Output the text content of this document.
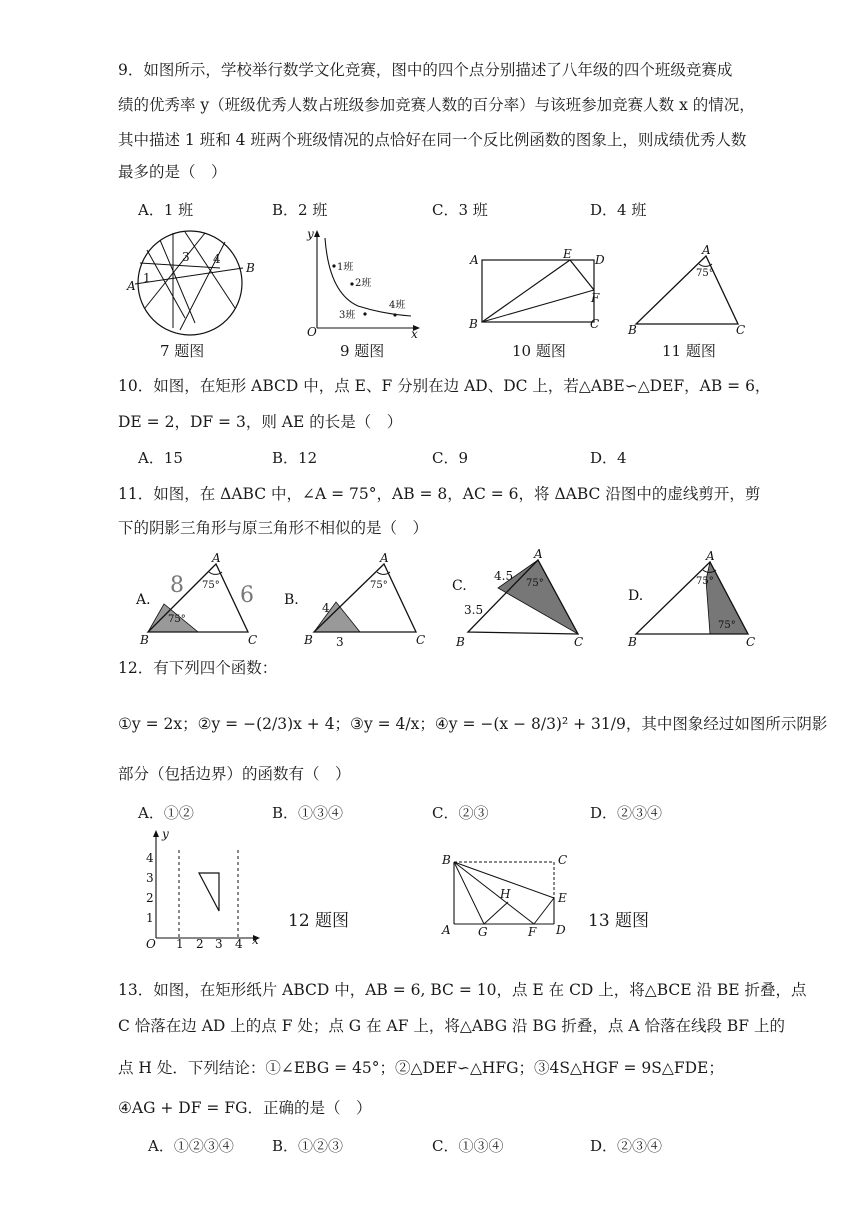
9．如图所示，学校举行数学文化竞赛，图中的四个点分别描述了八年级的四个班级竞赛成
绩的优秀率 y（班级优秀人数占班级参加竞赛人数的百分率）与该班参加竞赛人数 x 的情况，
其中描述 1 班和 4 班两个班级情况的点恰好在同一个反比例函数的图象上，则成绩优秀人数
最多的是（　）
A．1 班	B．2 班	C．3 班	D．4 班
A
B
1
3 4
7 题图
y
x
O
1班
2班
3班
4班
9 题图
A	E D
F
B	C
10 题图
A
75°
B	C
11 题图
10．如图，在矩形 ABCD 中，点 E、F 分别在边 AD、DC 上，若△ABE∽△DEF，AB = 6，
DE = 2，DF = 3，则 AE 的长是（　）
A．15	B．12	C．9	D．4
11．如图，在 ΔABC 中，∠A = 75°，AB = 8，AC = 6，将 ΔABC 沿图中的虚线剪开，剪
下的阴影三角形与原三角形不相似的是（　）
A.
A
75°
75°
B	C
8	6 B.
A
75°
4
3
B	C
C.
A
4.5
75°
3.5
B	C
D.
A
75°
75°
B	C
12．有下列四个函数：
①y = 2x；②y = −(2/3)x + 4；③y = 4/x；④y = −(x − 8/3)² + 31/9，其中图象经过如图所示阴影
部分（包括边界）的函数有（　）
A．①②	B．①③④	C．②③	D．②③④
y
x
O 1 2 3 4
1
2
3
4
12 题图
B	C
H	E
A G	F D 13 题图
13．如图，在矩形纸片 ABCD 中，AB = 6, BC = 10，点 E 在 CD 上，将△BCE 沿 BE 折叠，点
C 恰落在边 AD 上的点 F 处；点 G 在 AF 上，将△ABG 沿 BG 折叠，点 A 恰落在线段 BF 上的
点 H 处．下列结论：①∠EBG = 45°；②△DEF∽△HFG；③4S△HGF = 9S△FDE；
④AG + DF = FG．正确的是（　）
A．①②③④	B．①②③	C．①③④	D．②③④
